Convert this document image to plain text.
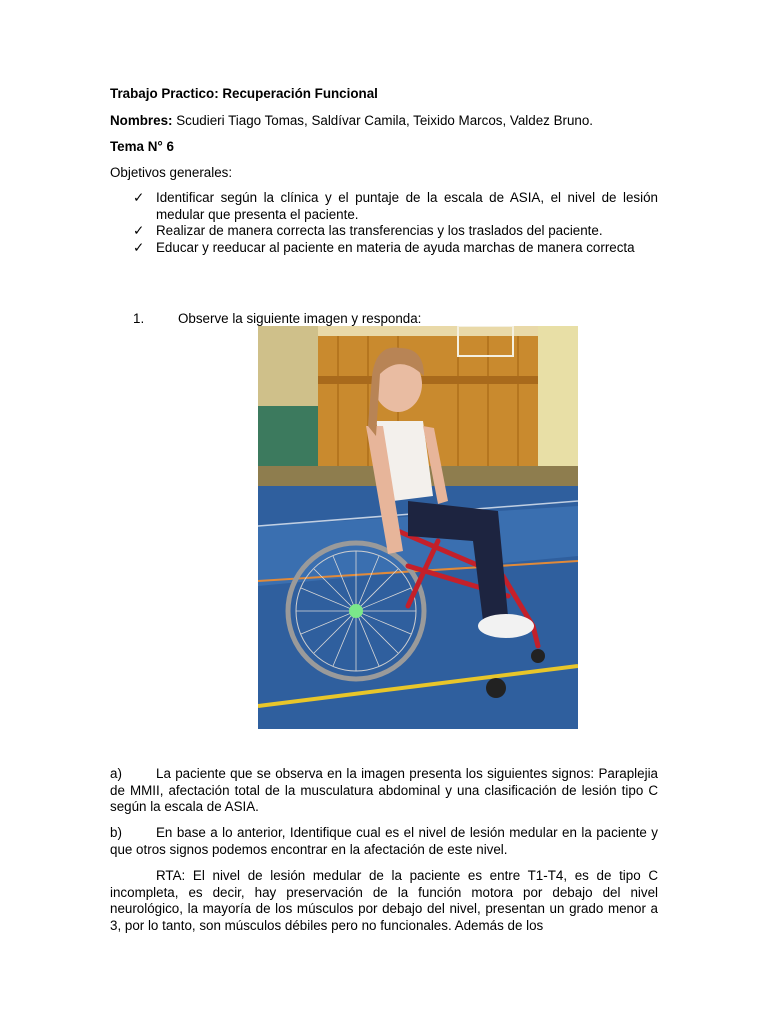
Trabajo Practico: Recuperación Funcional
Nombres: Scudieri Tiago Tomas, Saldívar Camila, Teixido Marcos, Valdez Bruno.
Tema N° 6
Objetivos generales:
✓ Identificar según la clínica y el puntaje de la escala de ASIA, el nivel de lesión medular que presenta el paciente.
✓ Realizar de manera correcta las transferencias y los traslados del paciente.
✓ Educar y reeducar al paciente en materia de ayuda marchas de manera correcta
1.	Observe la siguiente imagen y responda:
a)	La paciente que se observa en la imagen presenta los siguientes signos: Paraplejia de MMII, afectación total de la musculatura abdominal y una clasificación de lesión tipo C según la escala de ASIA.
b)	En base a lo anterior, Identifique cual es el nivel de lesión medular en la paciente y que otros signos podemos encontrar en la afectación de este nivel.
RTA: El nivel de lesión medular de la paciente es entre T1-T4, es de tipo C incompleta, es decir, hay preservación de la función motora por debajo del nivel neurológico, la mayoría de los músculos por debajo del nivel, presentan un grado menor a 3, por lo tanto, son músculos débiles pero no funcionales. Además de los
